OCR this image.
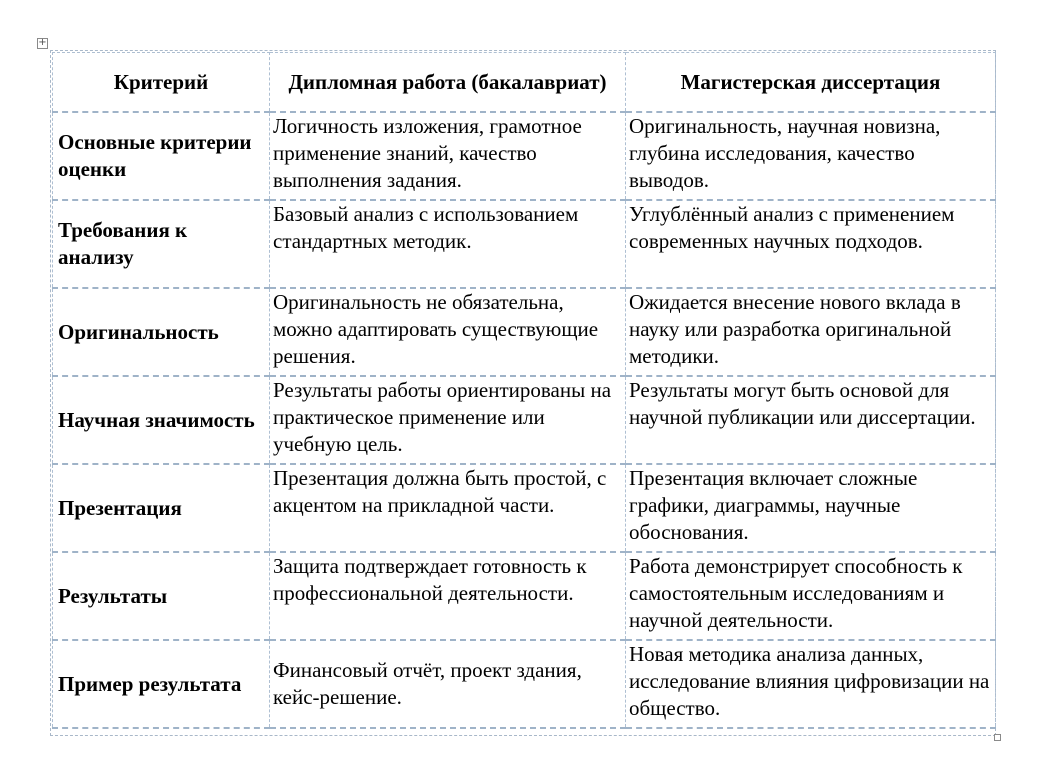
+
Критерий	Дипломная работа (бакалавриат)	Магистерская диссертация
Основные критерии оценки	Логичность изложения, грамотное применение знаний, качество выполнения задания.	Оригинальность, научная новизна, глубина исследования, качество выводов.
Требования к анализу	Базовый анализ с использованием стандартных методик.	Углублённый анализ с применением современных научных подходов.
Оригинальность	Оригинальность не обязательна, можно адаптировать существующие решения.	Ожидается внесение нового вклада в науку или разработка оригинальной методики.
Научная значимость	Результаты работы ориентированы на практическое применение или учебную цель.	Результаты могут быть основой для научной публикации или диссертации.
Презентация	Презентация должна быть простой, с акцентом на прикладной части.	Презентация включает сложные графики, диаграммы, научные обоснования.
Результаты	Защита подтверждает готовность к профессиональной деятельности.	Работа демонстрирует способность к самостоятельным исследованиям и научной деятельности.
Пример результата	Финансовый отчёт, проект здания, кейс-решение.	Новая методика анализа данных, исследование влияния цифровизации на общество.
